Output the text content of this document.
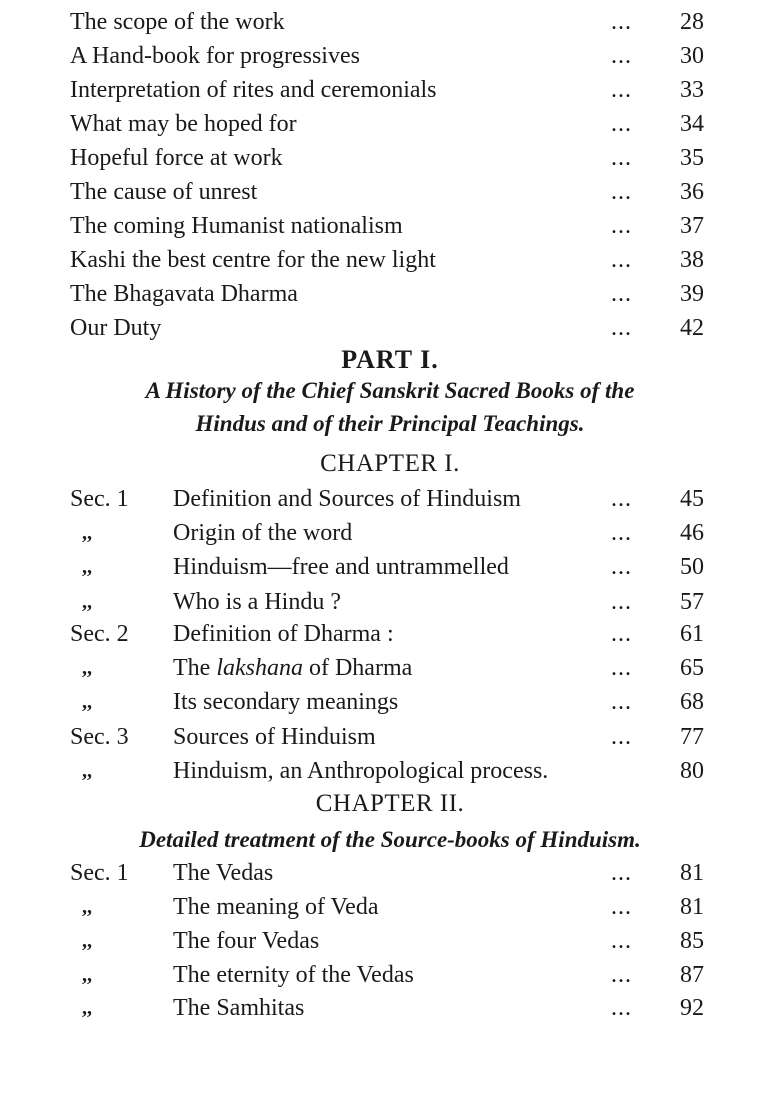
The scope of the work	... 28
A Hand-book for progressives	... 30
Interpretation of rites and ceremonials	... 33
What may be hoped for	... 34
Hopeful force at work	... 35
The cause of unrest	... 36
The coming Humanist nationalism	... 37
Kashi the best centre for the new light	... 38
The Bhagavata Dharma	... 39
Our Duty	... 42
PART I.
A History of the Chief Sanskrit Sacred Books of the
Hindus and of their Principal Teachings.
CHAPTER I.
Sec. 1 Definition and Sources of Hinduism	... 45
,,	Origin of the word	... 46
,,	Hinduism—free and untrammelled	... 50
,,	Who is a Hindu ?	... 57
Sec. 2 Definition of Dharma :	... 61
,,	The lakshana of Dharma	... 65
,,	Its secondary meanings	... 68
Sec. 3 Sources of Hinduism	... 77
,,	Hinduism, an Anthropological process.	80
CHAPTER II.
Detailed treatment of the Source-books of Hinduism.
Sec. 1 The Vedas	... 81
,,	The meaning of Veda	... 81
,,	The four Vedas	... 85
,,	The eternity of the Vedas	... 87
,,	The Samhitas	... 92
